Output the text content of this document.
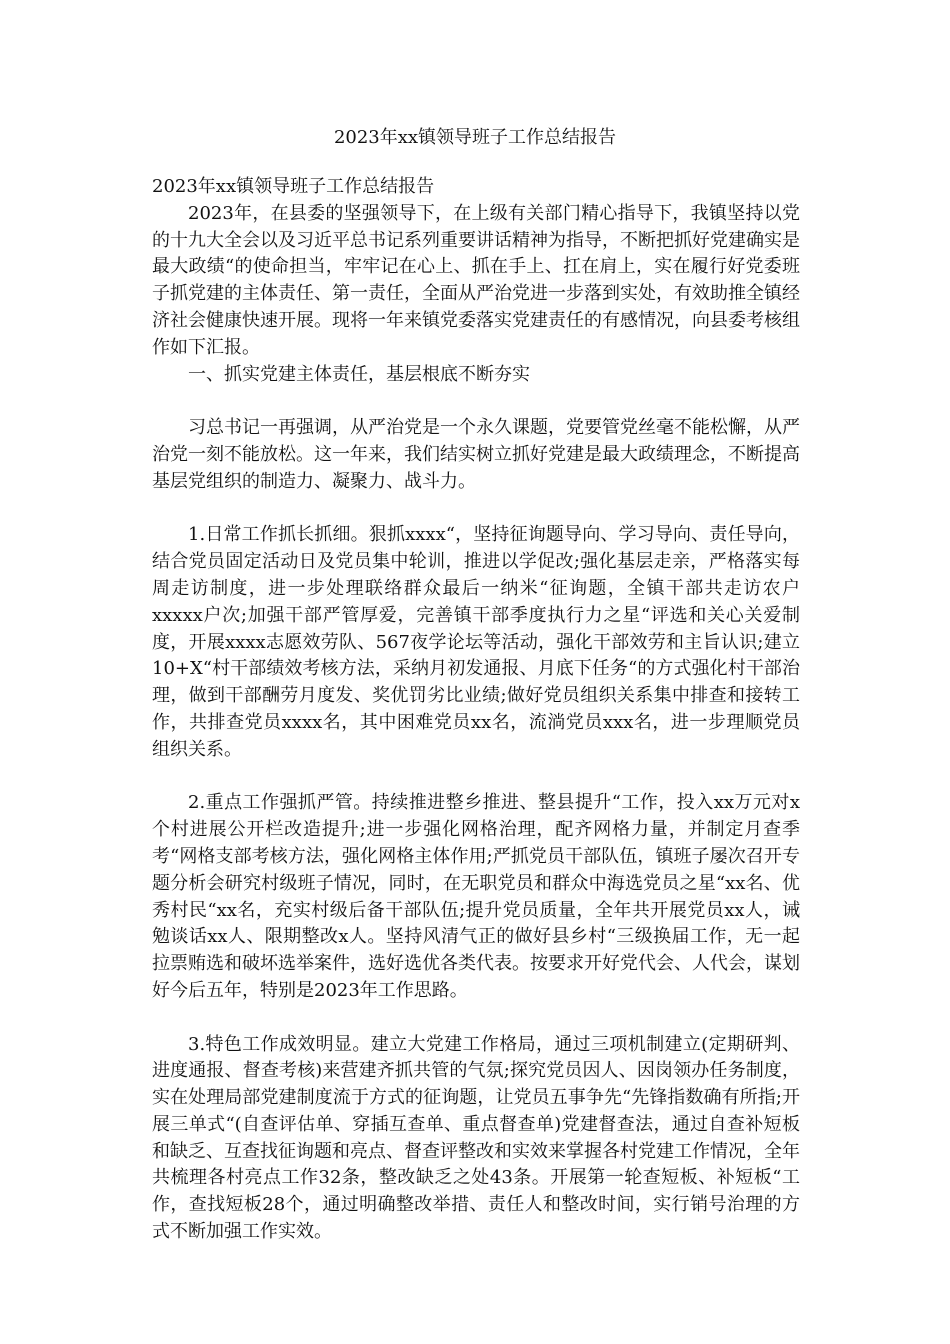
2023年xx镇领导班子工作总结报告

2023年xx镇领导班子工作总结报告

2023年，在县委的坚强领导下，在上级有关部门精心指导下，我镇坚持以党的十九大全会以及习近平总书记系列重要讲话精神为指导，不断把抓好党建确实是最大政绩“的使命担当，牢牢记在心上、抓在手上、扛在肩上，实在履行好党委班子抓党建的主体责任、第一责任，全面从严治党进一步落到实处，有效助推全镇经济社会健康快速开展。现将一年来镇党委落实党建责任的有感情况，向县委考核组作如下汇报。

一、抓实党建主体责任，基层根底不断夯实

习总书记一再强调，从严治党是一个永久课题，党要管党丝毫不能松懈，从严治党一刻不能放松。这一年来，我们结实树立抓好党建是最大政绩理念，不断提高基层党组织的制造力、凝聚力、战斗力。

1.日常工作抓长抓细。狠抓xxxx“，坚持征询题导向、学习导向、责任导向，结合党员固定活动日及党员集中轮训，推进以学促改;强化基层走亲，严格落实每周走访制度，进一步处理联络群众最后一纳米“征询题，全镇干部共走访农户xxxxx户次;加强干部严管厚爱，完善镇干部季度执行力之星“评选和关心关爱制度，开展xxxx志愿效劳队、567夜学论坛等活动，强化干部效劳和主旨认识;建立10+X“村干部绩效考核方法，采纳月初发通报、月底下任务“的方式强化村干部治理，做到干部酬劳月度发、奖优罚劣比业绩;做好党员组织关系集中排查和接转工作，共排查党员xxxx名，其中困难党员xx名，流淌党员xxx名，进一步理顺党员组织关系。

2.重点工作强抓严管。持续推进整乡推进、整县提升“工作，投入xx万元对x个村进展公开栏改造提升;进一步强化网格治理，配齐网格力量，并制定月查季考“网格支部考核方法，强化网格主体作用;严抓党员干部队伍，镇班子屡次召开专题分析会研究村级班子情况，同时，在无职党员和群众中海选党员之星“xx名、优秀村民“xx名，充实村级后备干部队伍;提升党员质量，全年共开展党员xx人，诫勉谈话xx人、限期整改x人。坚持风清气正的做好县乡村“三级换届工作，无一起拉票贿选和破坏选举案件，选好选优各类代表。按要求开好党代会、人代会，谋划好今后五年，特别是2023年工作思路。

3.特色工作成效明显。建立大党建工作格局，通过三项机制建立(定期研判、进度通报、督查考核)来营建齐抓共管的气氛;探究党员因人、因岗领办任务制度，实在处理局部党建制度流于方式的征询题，让党员五事争先“先锋指数确有所指;开展三单式“(自查评估单、穿插互查单、重点督查单)党建督查法，通过自查补短板和缺乏、互查找征询题和亮点、督查评整改和实效来掌握各村党建工作情况，全年共梳理各村亮点工作32条，整改缺乏之处43条。开展第一轮查短板、补短板“工作，查找短板28个，通过明确整改举措、责任人和整改时间，实行销号治理的方式不断加强工作实效。
